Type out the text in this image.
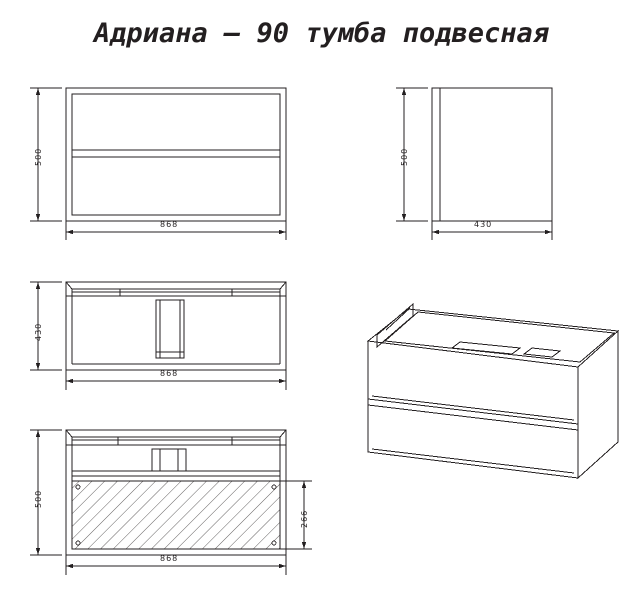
Адриана — 90 тумба подвесная
500
868
500
430
430
868
500
868
266
